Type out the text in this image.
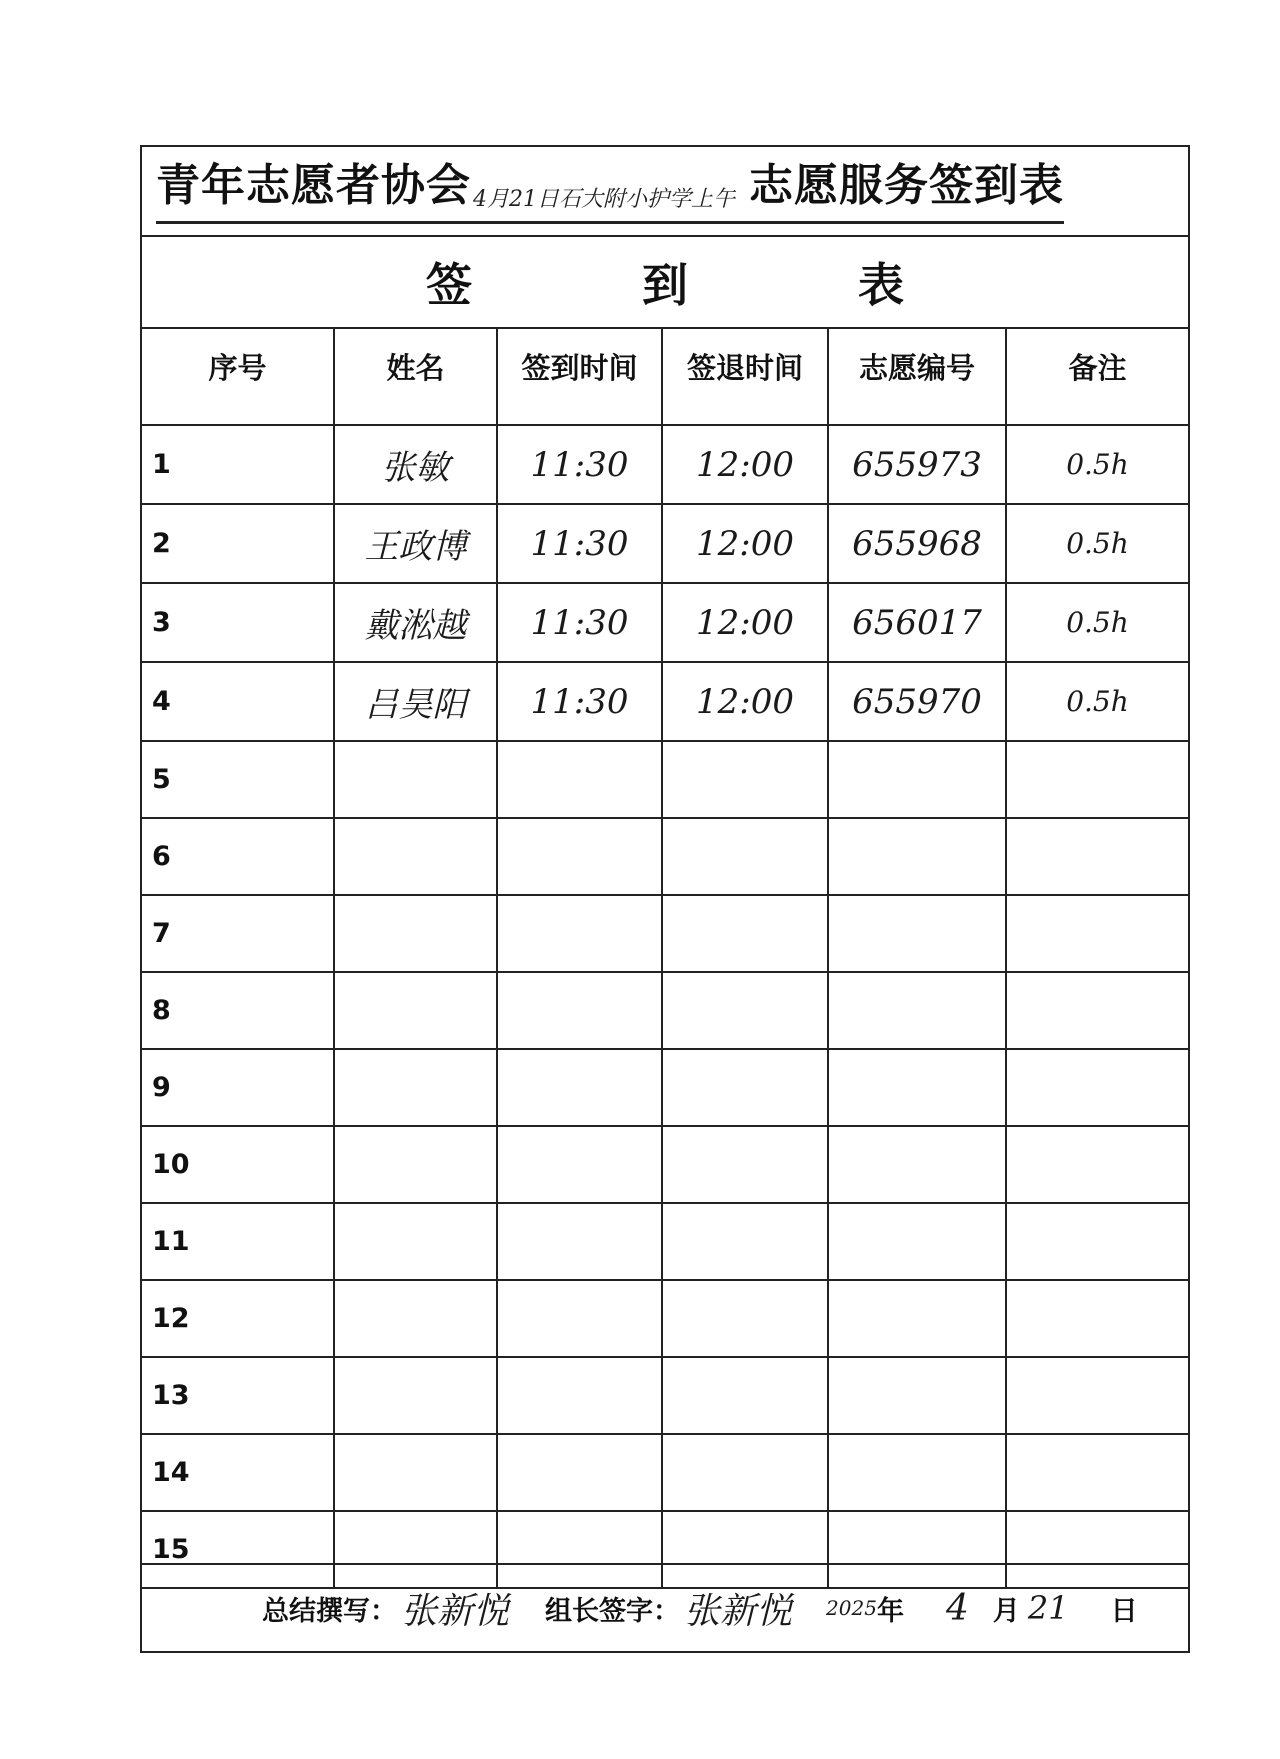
青年志愿者协会4月21日石大附小护学上午 志愿服务签到表
签到表
序号	姓名	签到时间	签退时间	志愿编号	备注
1	张敏	11:30	12:00	655973	0.5h
2	王政博	11:30	12:00	655968	0.5h
3	戴淞越	11:30	12:00	656017	0.5h
4	吕昊阳	11:30	12:00	655970	0.5h
5					
6					
7					
8					
9					
10					
11					
12					
13					
14					
15					
总结撰写： 张新悦 组长签字： 张新悦 2025 年 4 月 21 日
